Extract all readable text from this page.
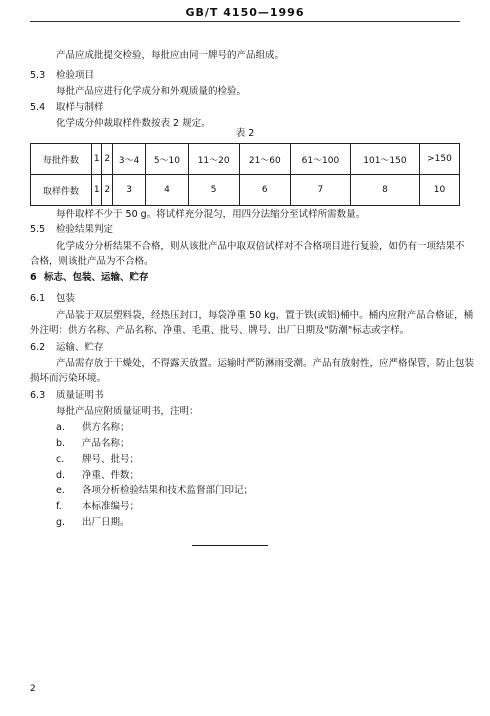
GB/T 4150—1996
产品应成批提交检验，每批应由同一牌号的产品组成。
5.3 检验项目
每批产品应进行化学成分和外观质量的检验。
5.4 取样与制样
化学成分仲裁取样件数按表 2 规定。
表 2
每批件数	1	2	3～4	5～10	11～20	21～60	61～100	101～150	>150
取样件数	1	2	3	4	5	6	7	8	10
每件取样不少于 50 g。将试样充分混匀，用四分法缩分至试样所需数量。
5.5 检验结果判定
化学成分分析结果不合格，则从该批产品中取双倍试样对不合格项目进行复验，如仍有一项结果不
合格，则该批产品为不合格。
6 标志、包装、运输、贮存
6.1 包装
产品装于双层塑料袋，经热压封口，每袋净重 50 kg，置于铁(或铝)桶中。桶内应附产品合格证，桶
外注明：供方名称、产品名称、净重、毛重、批号、牌号、出厂日期及"防潮"标志或字样。
6.2 运输、贮存
产品需存放于干燥处，不得露天放置。运输时严防淋雨受潮。产品有放射性，应严格保管，防止包装
损坏而污染环境。
6.3 质量证明书
每批产品应附质量证明书，注明：
a. 供方名称；
b. 产品名称；
c. 牌号、批号；
d. 净重、件数；
e. 各项分析检验结果和技术监督部门印记；
f. 本标准编号；
g. 出厂日期。
2
